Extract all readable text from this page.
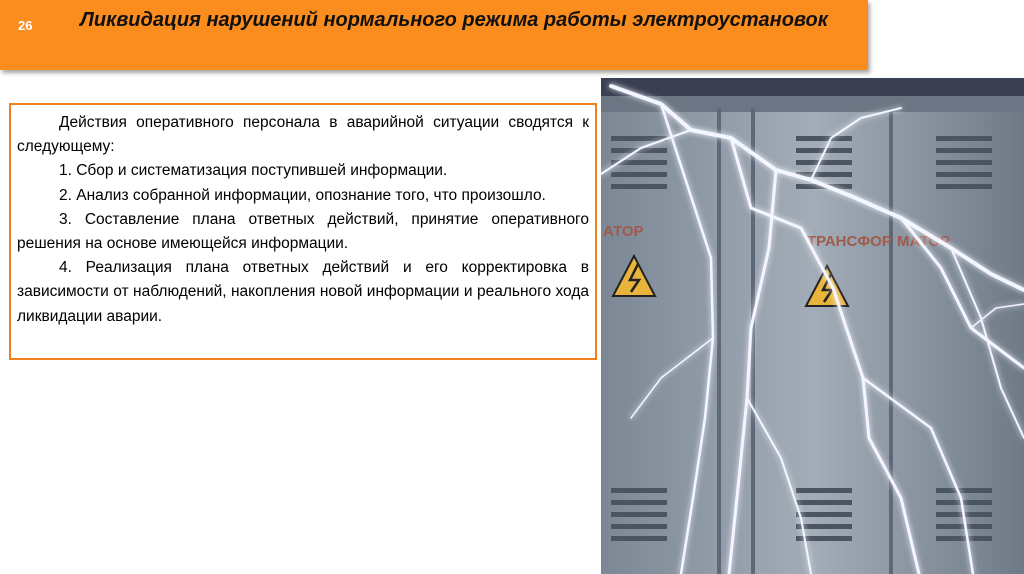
26	Ликвидация нарушений нормального режима работы электроустановок

Действия оперативного персонала в аварийной ситуации сводятся к следующему:

1. Сбор и систематизация поступившей информации.

2. Анализ собранной информации, опознание того, что произошло.

3. Составление плана ответных действий, принятие оперативного решения на основе имеющейся информации.

4. Реализация плана ответных действий и его корректировка в зависимости от наблюдений, накопления новой информации и реального хода ликвидации аварии.

АТОР
ТРАНСФОР МАТОР
